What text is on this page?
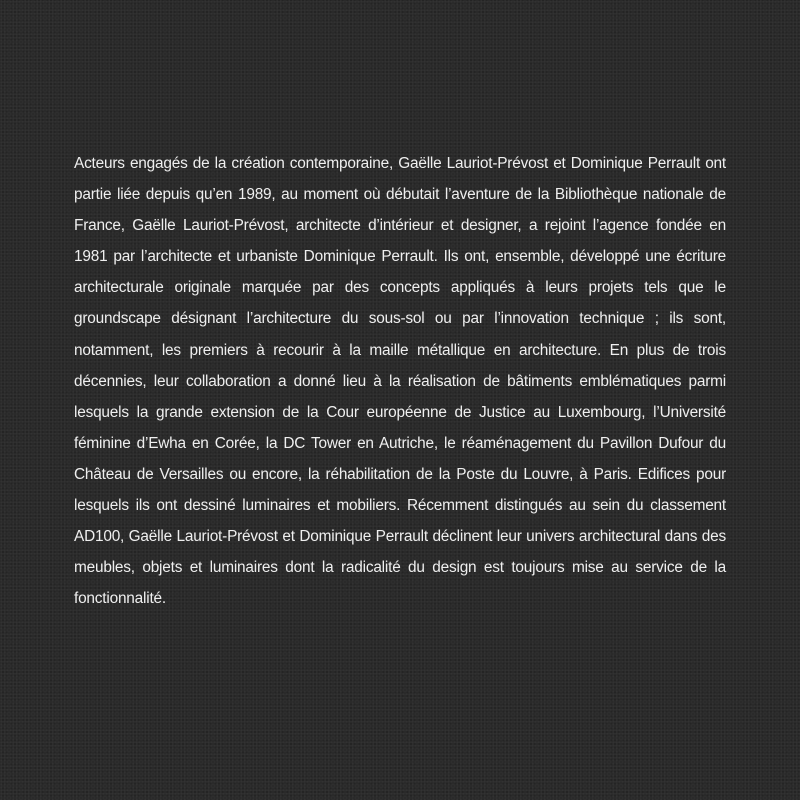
Acteurs engagés de la création contemporaine, Gaëlle Lauriot-Prévost et Dominique Perrault ont partie liée depuis qu’en 1989, au moment où débutait l’aventure de la Bibliothèque nationale de France, Gaëlle Lauriot-Prévost, architecte d’intérieur et designer, a rejoint l’agence fondée en 1981 par l’architecte et urbaniste Dominique Perrault. Ils ont, ensemble, développé une écriture architecturale originale marquée par des concepts appliqués à leurs projets tels que le groundscape désignant l’architecture du sous-sol ou par l’innovation technique ; ils sont, notamment, les premiers à recourir à la maille métallique en architecture. En plus de trois décennies, leur collaboration a donné lieu à la réalisation de bâtiments emblématiques parmi lesquels la grande extension de la Cour européenne de Justice au Luxembourg, l’Université féminine d’Ewha en Corée, la DC Tower en Autriche, le réaménagement du Pavillon Dufour du Château de Versailles ou encore, la réhabilitation de la Poste du Louvre, à Paris. Edifices pour lesquels ils ont dessiné luminaires et mobiliers. Récemment distingués au sein du classement AD100, Gaëlle Lauriot-Prévost et Dominique Perrault déclinent leur univers architectural dans des meubles, objets et luminaires dont la radicalité du design est toujours mise au service de la fonctionnalité.
